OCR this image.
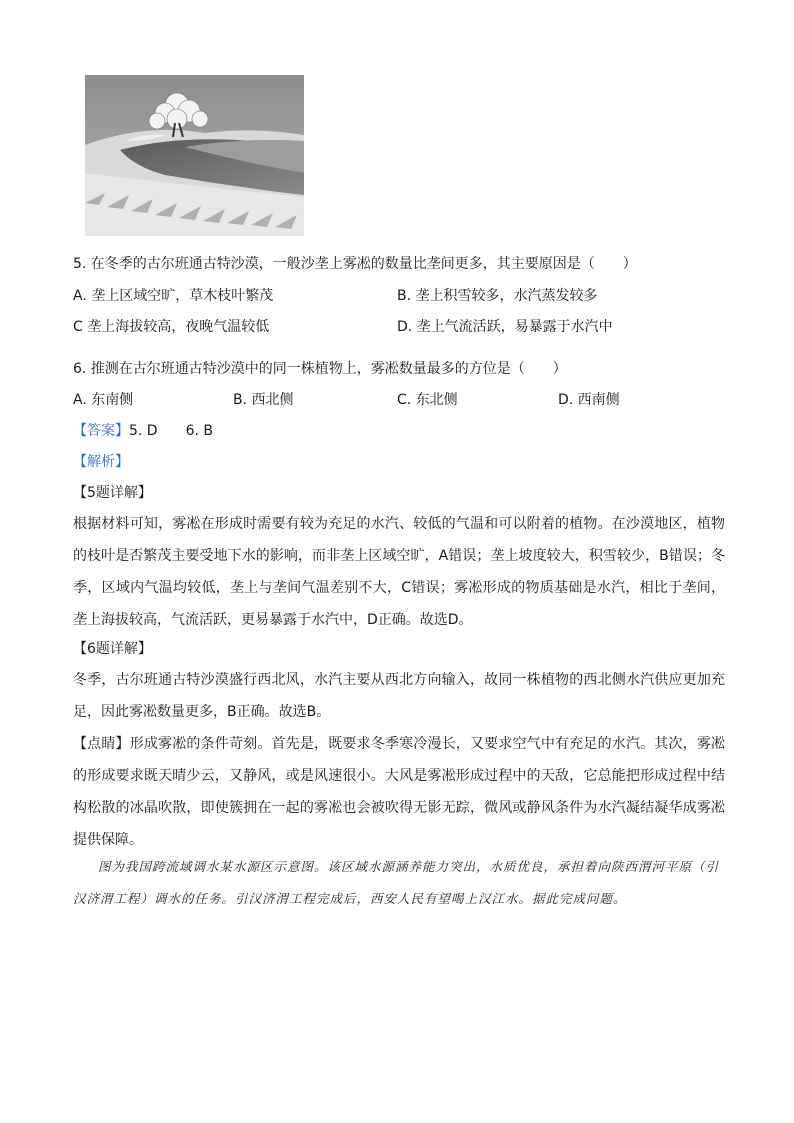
5. 在冬季的古尔班通古特沙漠，一般沙垄上雾凇的数量比垄间更多，其主要原因是（　　）
A. 垄上区域空旷，草木枝叶繁茂	B. 垄上积雪较多，水汽蒸发较多
C 垄上海拔较高，夜晚气温较低	D. 垄上气流活跃，易暴露于水汽中
6. 推测在古尔班通古特沙漠中的同一株植物上，雾凇数量最多的方位是（　　）
A. 东南侧	B. 西北侧	C. 东北侧	D. 西南侧
【答案】5. D　　6. B
【解析】
【5题详解】
根据材料可知，雾凇在形成时需要有较为充足的水汽、较低的气温和可以附着的植物。在沙漠地区，植物的枝叶是否繁茂主要受地下水的影响，而非垄上区域空旷，A错误；垄上坡度较大，积雪较少，B错误；冬季，区域内气温均较低，垄上与垄间气温差别不大，C错误；雾凇形成的物质基础是水汽，相比于垄间，垄上海拔较高，气流活跃，更易暴露于水汽中，D正确。故选D。
【6题详解】
冬季，古尔班通古特沙漠盛行西北风，水汽主要从西北方向输入，故同一株植物的西北侧水汽供应更加充足，因此雾凇数量更多，B正确。故选B。
【点睛】形成雾凇的条件苛刻。首先是，既要求冬季寒冷漫长，又要求空气中有充足的水汽。其次，雾凇的形成要求既天晴少云，又静风，或是风速很小。大风是雾凇形成过程中的天敌，它总能把形成过程中结构松散的冰晶吹散，即使簇拥在一起的雾凇也会被吹得无影无踪，微风或静风条件为水汽凝结凝华成雾凇提供保障。
图为我国跨流域调水某水源区示意图。该区域水源涵养能力突出，水质优良，承担着向陕西渭河平原（引汉济渭工程）调水的任务。引汉济渭工程完成后，西安人民有望喝上汉江水。据此完成问题。
